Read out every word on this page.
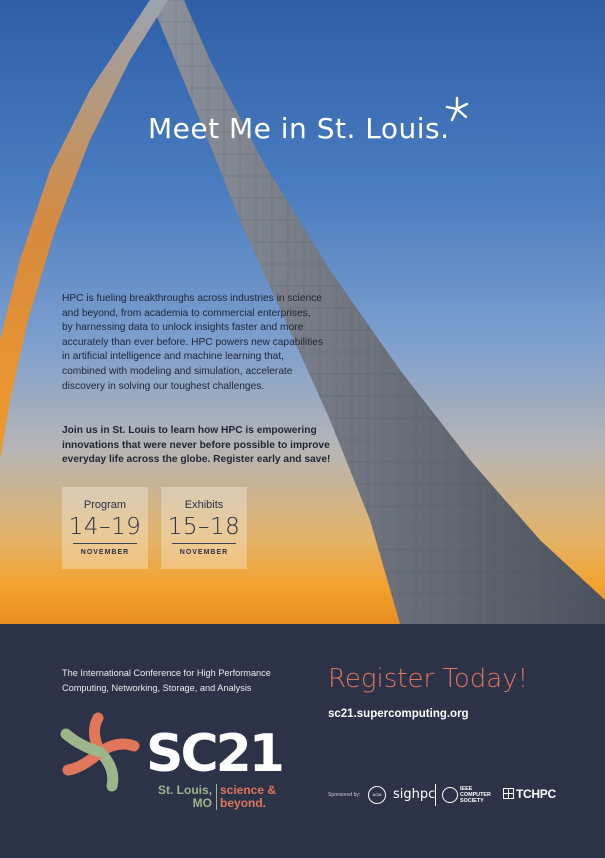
Meet Me in St. Louis.

HPC is fueling breakthroughs across industries in science and beyond, from academia to commercial enterprises, by harnessing data to unlock insights faster and more accurately than ever before. HPC powers new capabilities in artificial intelligence and machine learning that, combined with modeling and simulation, accelerate discovery in solving our toughest challenges.

Join us in St. Louis to learn how HPC is empowering innovations that were never before possible to improve everyday life across the globe. Register early and save!

Program
14–19
NOVEMBER
Exhibits
15–18
NOVEMBER

The International Conference for High Performance Computing, Networking, Storage, and Analysis	Register Today!
sc21.supercomputing.org
SC21
St. Louis, MO
science & beyond.
Sponsored by:	ACM sighpc	IEEE COMPUTER SOCIETY	TCHPC
